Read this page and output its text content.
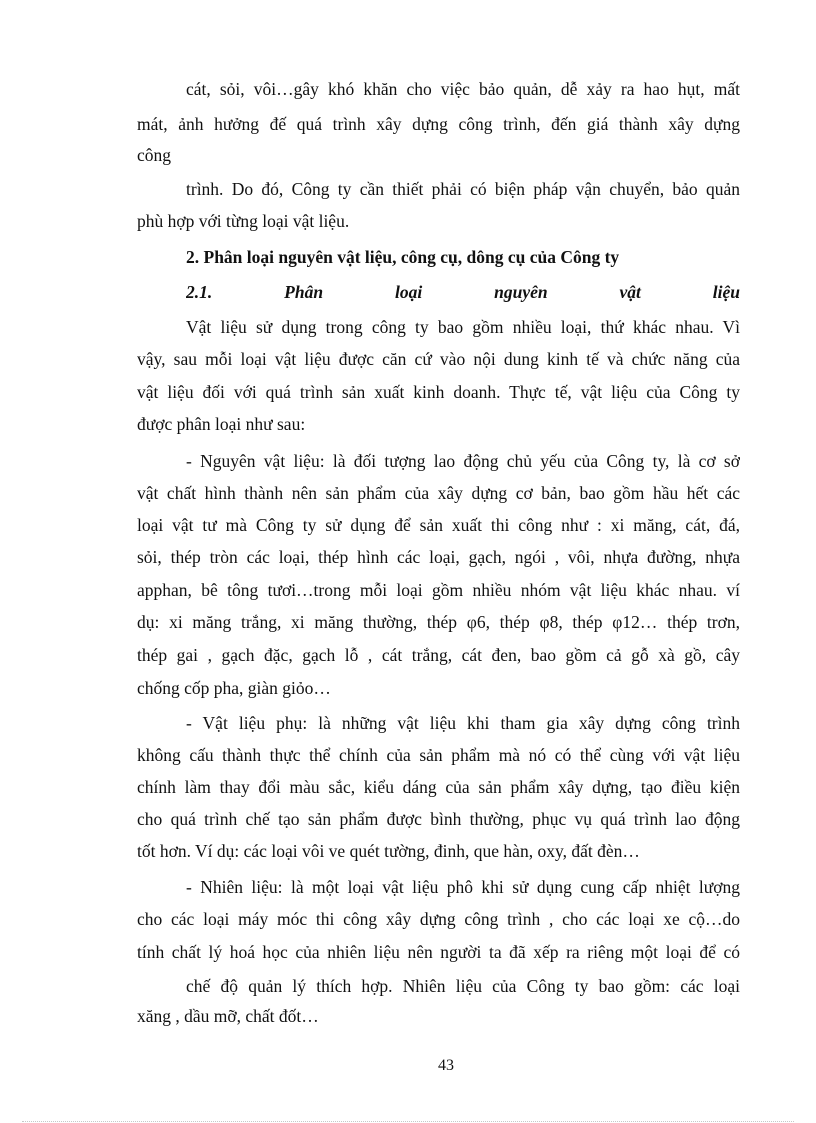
cát, sỏi, vôi…gây khó khăn cho việc bảo quản, dễ xảy ra hao hụt, mất
mát, ảnh hưởng đế quá trình xây dựng công trình, đến giá thành xây dựng
công
trình. Do đó, Công ty cần thiết phải có biện pháp vận chuyển, bảo quản
phù hợp với từng loại vật liệu.
2. Phân loại nguyên vật liệu, công cụ, dông cụ của Công ty
2.1. Phân loại nguyên vật liệu
Vật liệu sử dụng trong công ty bao gồm nhiều loại, thứ khác nhau. Vì
vậy, sau mỗi loại vật liệu được căn cứ vào nội dung kinh tế và chức năng của
vật liệu đối với quá trình sản xuất kinh doanh. Thực tế, vật liệu của Công ty
được phân loại như sau:
- Nguyên vật liệu: là đối tượng lao động chủ yếu của Công ty, là cơ sở
vật chất hình thành nên sản phẩm của xây dựng cơ bản, bao gồm hầu hết các
loại vật tư mà Công ty sử dụng để sản xuất thi công như : xi măng, cát, đá,
sỏi, thép tròn các loại, thép hình các loại, gạch, ngói , vôi, nhựa đường, nhựa
apphan, bê tông tươi…trong mỗi loại gồm nhiều nhóm vật liệu khác nhau. ví
dụ: xi măng trắng, xi măng thường, thép φ6, thép φ8, thép φ12… thép trơn,
thép gai , gạch đặc, gạch lỗ , cát trắng, cát đen, bao gồm cả gỗ xà gồ, cây
chống cốp pha, giàn giỏo…
- Vật liệu phụ: là những vật liệu khi tham gia xây dựng công trình
không cấu thành thực thể chính của sản phẩm mà nó có thể cùng với vật liệu
chính làm thay đổi màu sắc, kiểu dáng của sản phẩm xây dựng, tạo điều kiện
cho quá trình chế tạo sản phẩm được bình thường, phục vụ quá trình lao động
tốt hơn. Ví dụ: các loại vôi ve quét tường, đinh, que hàn, oxy, đất đèn…
- Nhiên liệu: là một loại vật liệu phô khi sử dụng cung cấp nhiệt lượng
cho các loại máy móc thi công xây dựng công trình , cho các loại xe cộ…do
tính chất lý hoá học của nhiên liệu nên người ta đã xếp ra riêng một loại để có
chế độ quản lý thích hợp. Nhiên liệu của Công ty bao gồm: các loại
xăng , dầu mỡ, chất đốt…
43
